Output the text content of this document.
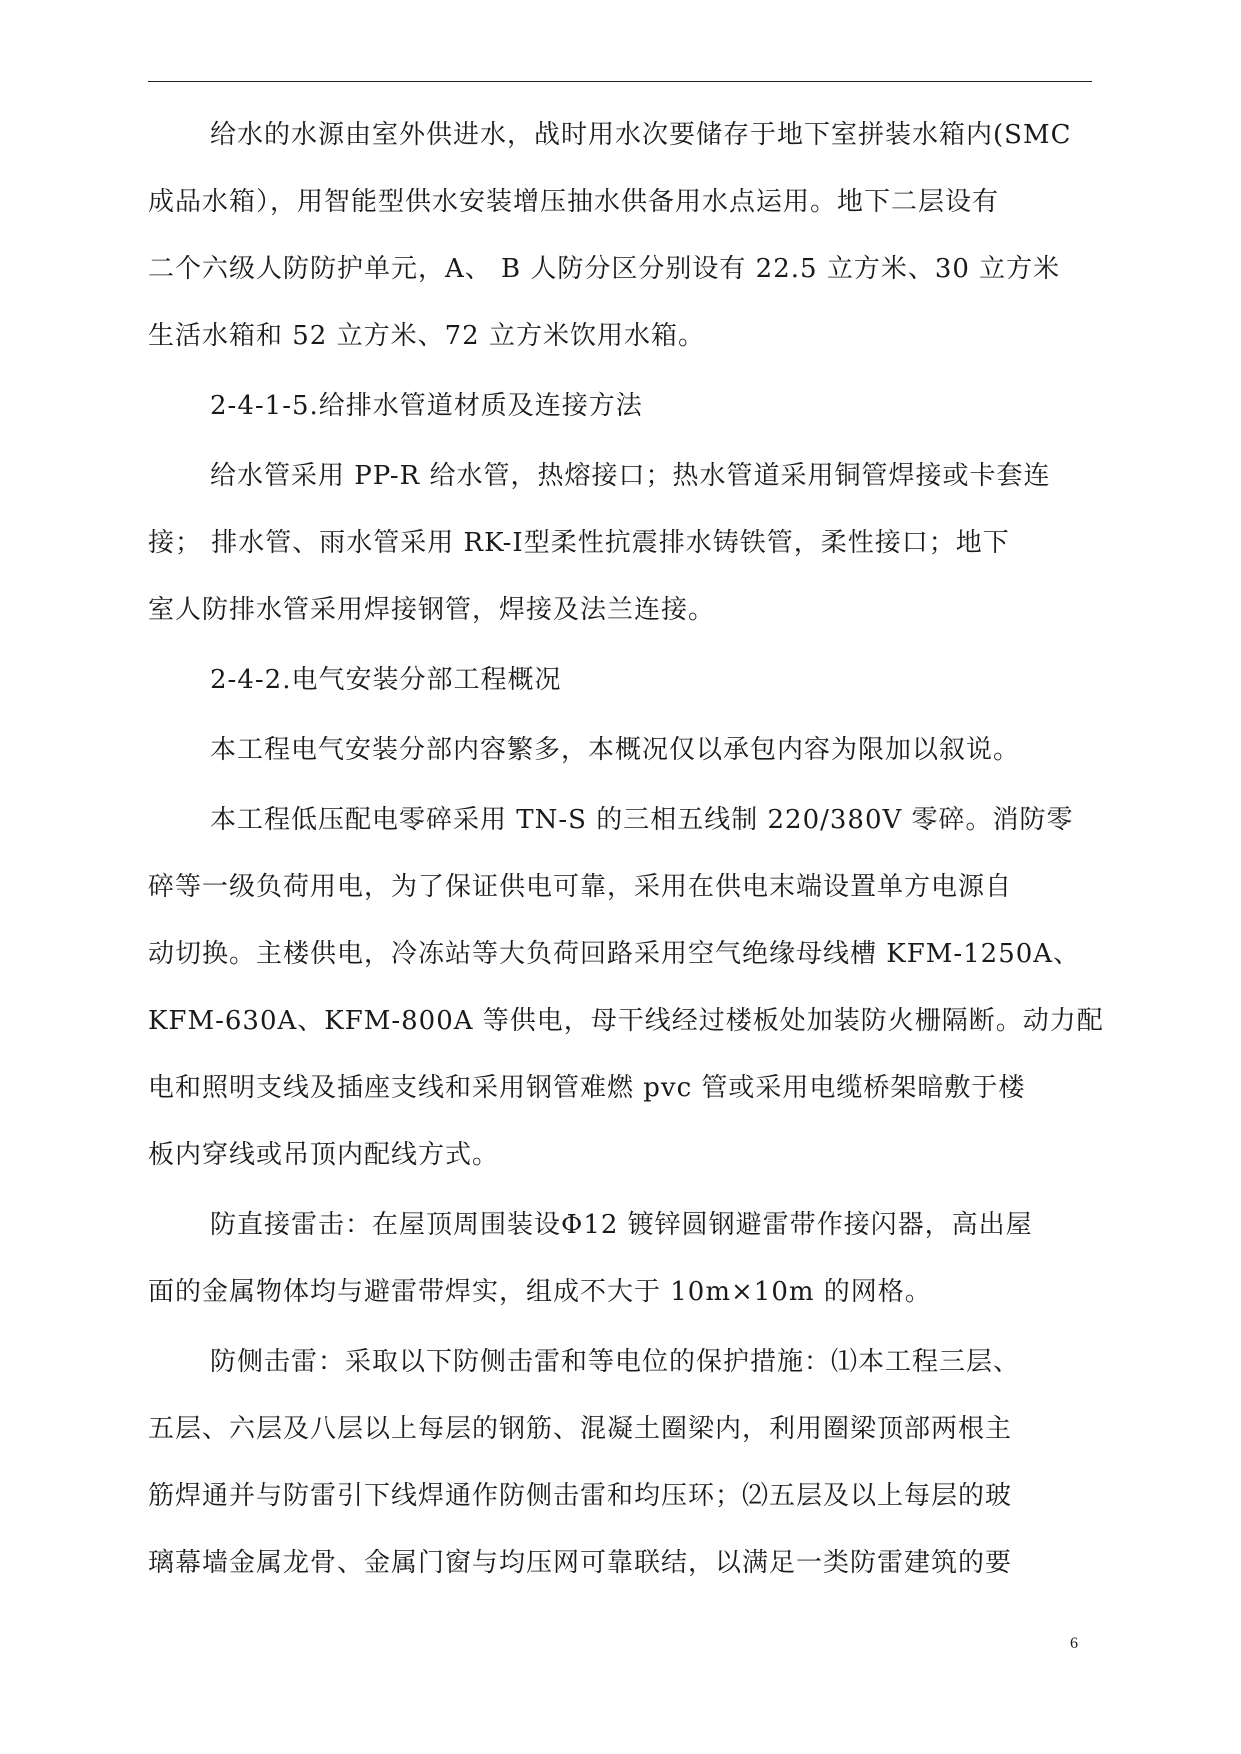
给水的水源由室外供进水，战时用水次要储存于地下室拼装水箱内(SMC
成品水箱），用智能型供水安装增压抽水供备用水点运用。地下二层设有
二个六级人防防护单元，A、 B 人防分区分别设有 22.5 立方米、30 立方米
生活水箱和 52 立方米、72 立方米饮用水箱。
2-4-1-5.给排水管道材质及连接方法
给水管采用 PP-R 给水管，热熔接口；热水管道采用铜管焊接或卡套连
接； 排水管、雨水管采用 RK-Ⅰ型柔性抗震排水铸铁管，柔性接口；地下
室人防排水管采用焊接钢管，焊接及法兰连接。
2-4-2.电气安装分部工程概况
本工程电气安装分部内容繁多，本概况仅以承包内容为限加以叙说。
本工程低压配电零碎采用 TN-S 的三相五线制 220/380V 零碎。消防零
碎等一级负荷用电，为了保证供电可靠，采用在供电末端设置单方电源自
动切换。主楼供电，冷冻站等大负荷回路采用空气绝缘母线槽 KFM-1250A、
KFM-630A、KFM-800A 等供电，母干线经过楼板处加装防火栅隔断。动力配
电和照明支线及插座支线和采用钢管难燃 pvc 管或采用电缆桥架暗敷于楼
板内穿线或吊顶内配线方式。
防直接雷击：在屋顶周围装设Φ12 镀锌圆钢避雷带作接闪器，高出屋
面的金属物体均与避雷带焊实，组成不大于 10m×10m 的网格。
防侧击雷：采取以下防侧击雷和等电位的保护措施：⑴本工程三层、
五层、六层及八层以上每层的钢筋、混凝土圈梁内，利用圈梁顶部两根主
筋焊通并与防雷引下线焊通作防侧击雷和均压环；⑵五层及以上每层的玻
璃幕墙金属龙骨、金属门窗与均压网可靠联结，以满足一类防雷建筑的要
6
